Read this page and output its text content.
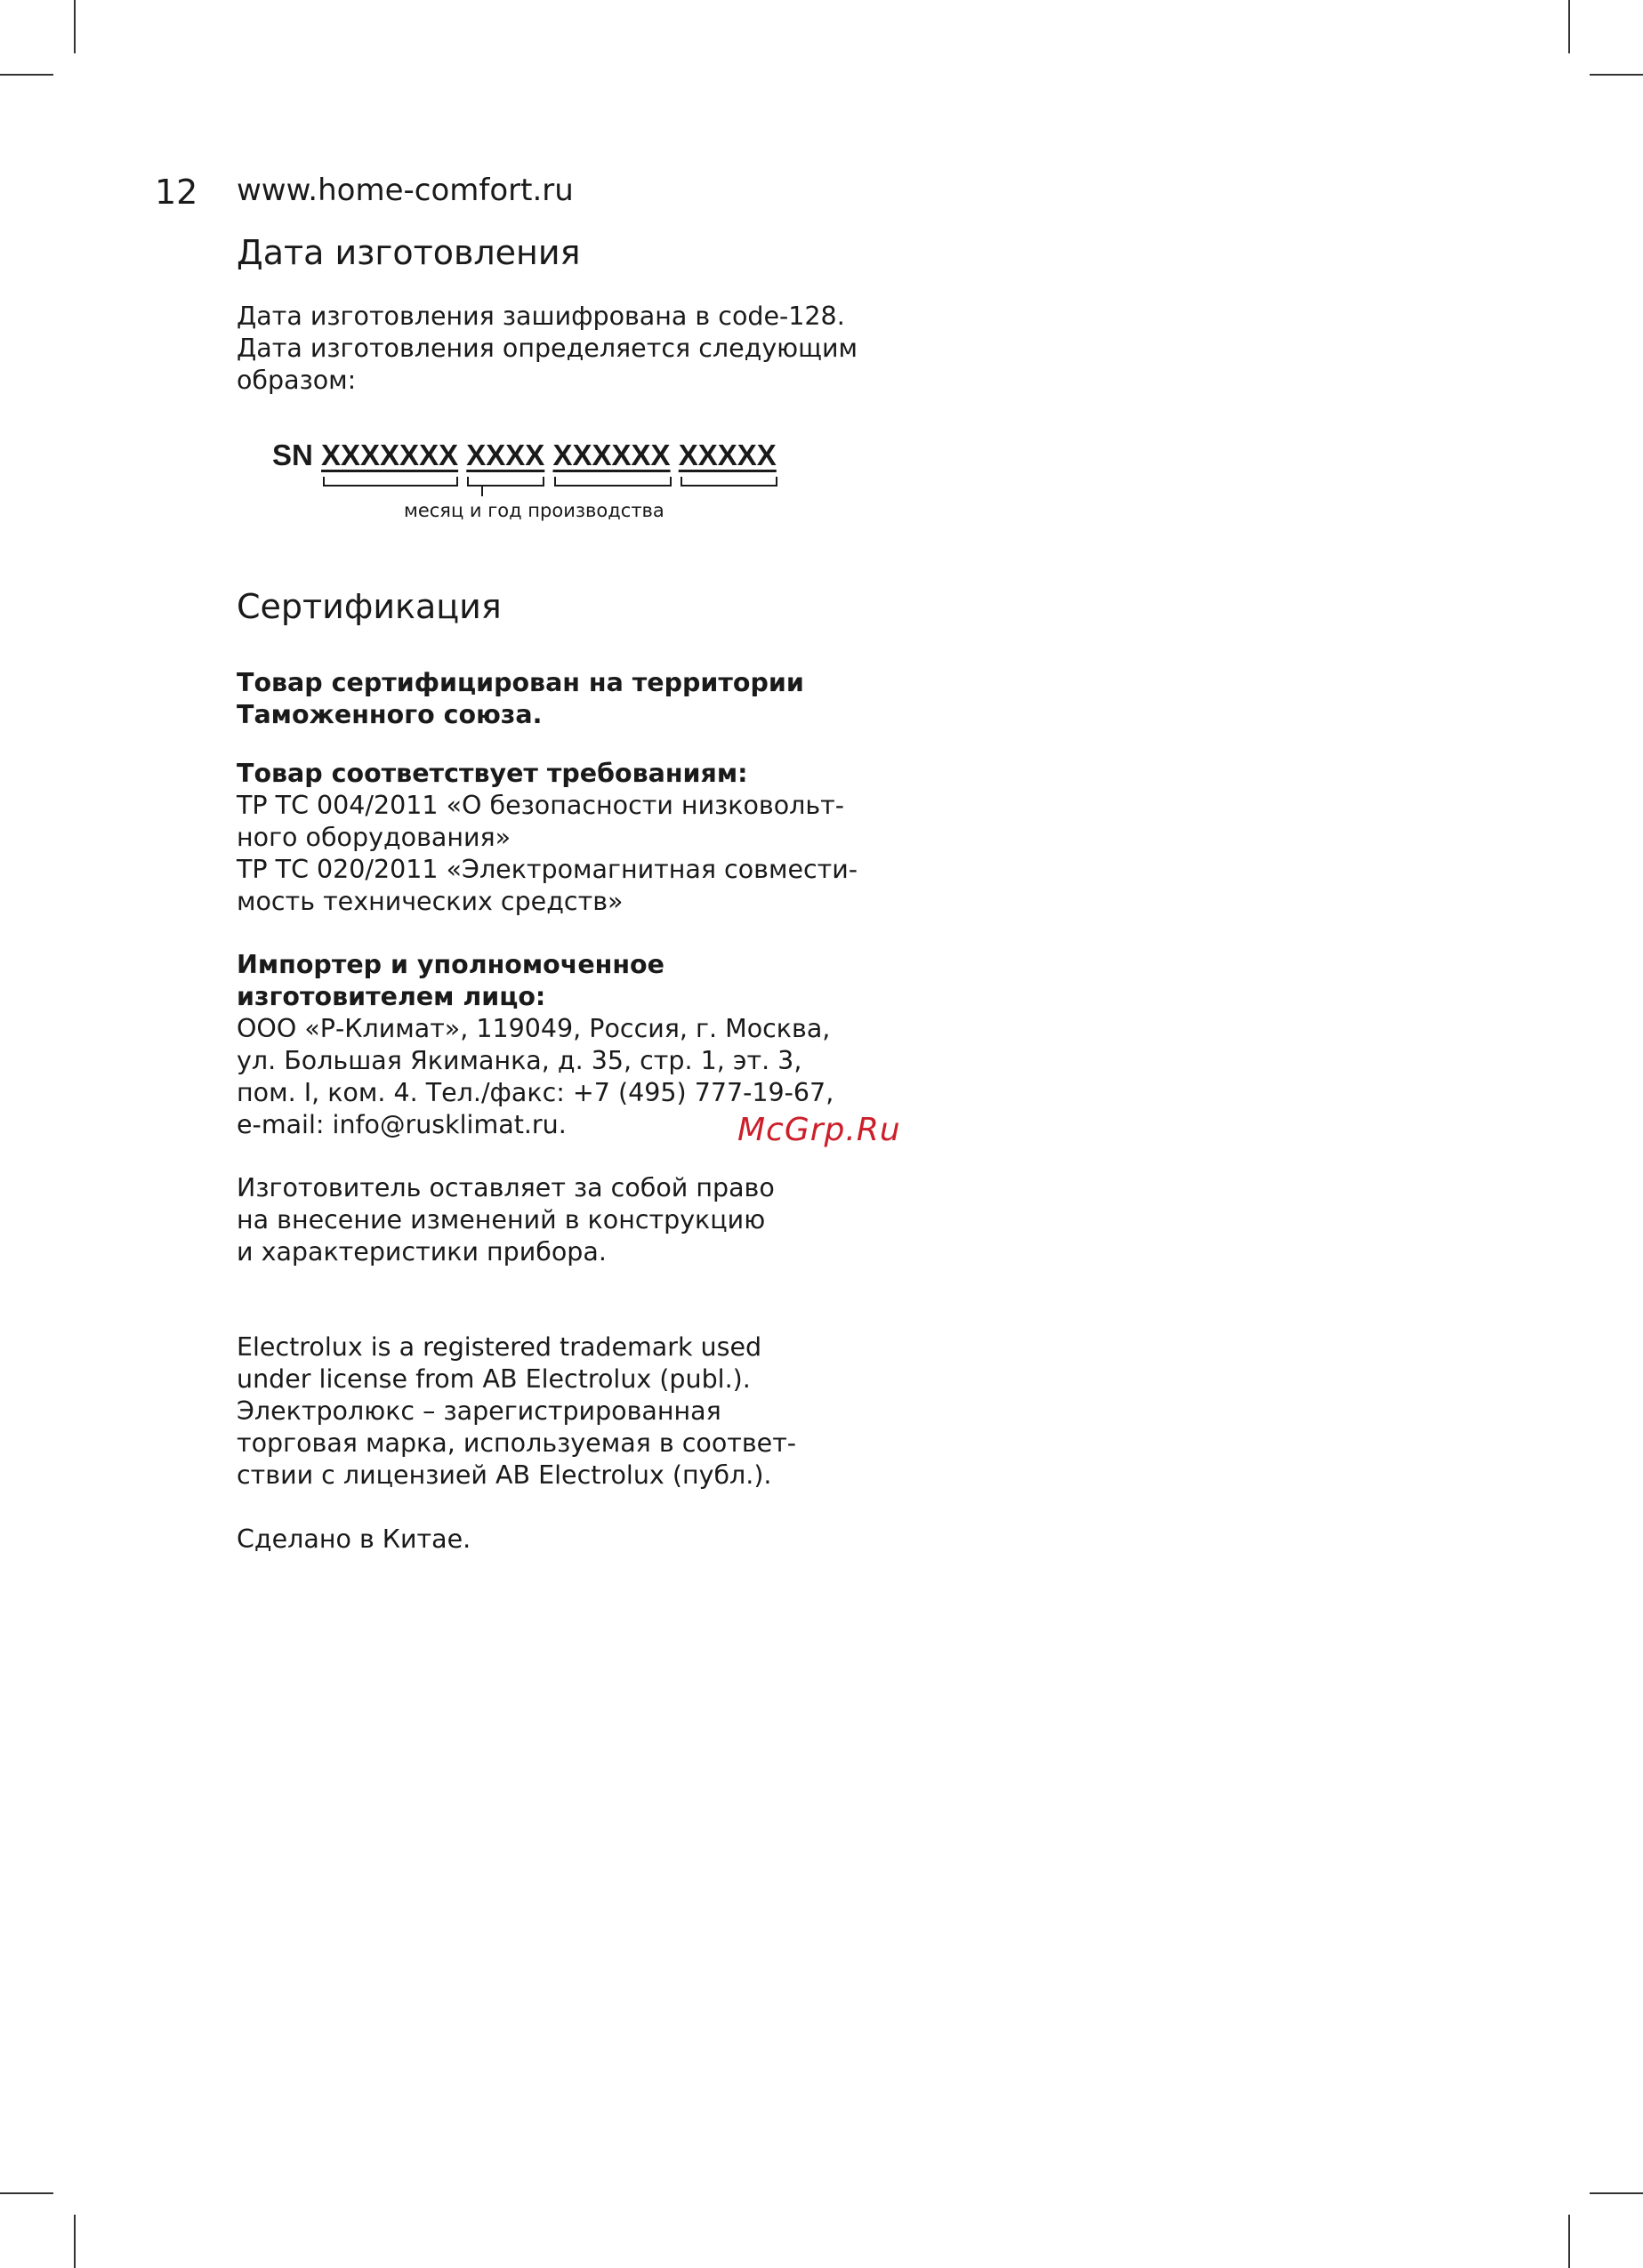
12 www.home-comfort.ru
Дата изготовления
Дата изготовления зашифрована в code-128.
Дата изготовления определяется следующим
образом:
SN XXXXXXX XXXX XXXXXX XXXXX
месяц и год производства
Сертификация
Товар сертифицирован на территории
Таможенного союза.
Товар соответствует требованиям:
ТР ТС 004/2011 «О безопасности низковольт-
ного оборудования»
ТР ТС 020/2011 «Электромагнитная совмести-
мость технических средств»
Импортер и уполномоченное
изготовителем лицо:
ООО «Р-Климат», 119049, Россия, г. Москва,
ул. Большая Якиманка, д. 35, стр. 1, эт. 3,
пом. I, ком. 4. Тел./факс: +7 (495) 777-19-67,
e-mail: info@rusklimat.ru.
Изготовитель оставляет за собой право
на внесение изменений в конструкцию
и характеристики прибора.
Electrolux is a registered trademark used
under license from AB Electrolux (publ.).
Электролюкс – зарегистрированная
торговая марка, используемая в соответ-
ствии с лицензией AB Electrolux (публ.).
Сделано в Китае.
McGrp.Ru
